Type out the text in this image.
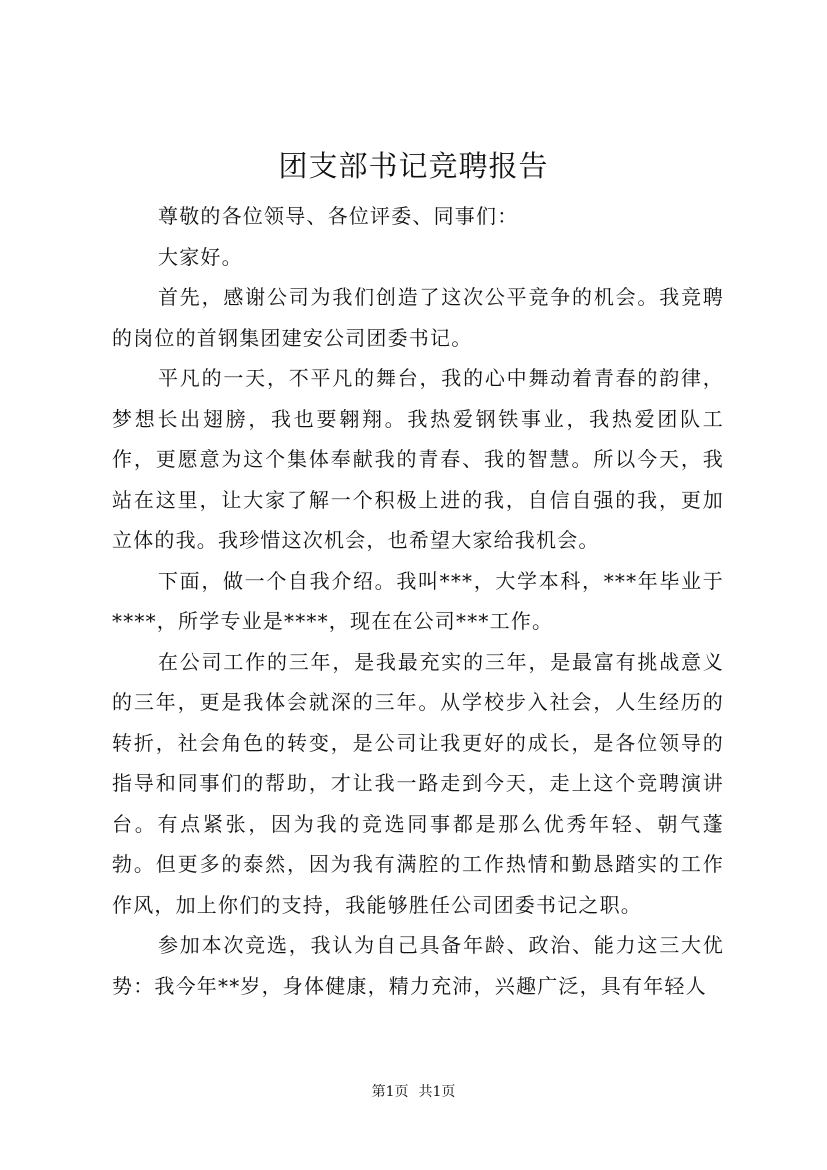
团支部书记竞聘报告

尊敬的各位领导、各位评委、同事们：

大家好。

首先，感谢公司为我们创造了这次公平竞争的机会。我竞聘的岗位的首钢集团建安公司团委书记。

平凡的一天，不平凡的舞台，我的心中舞动着青春的韵律，梦想长出翅膀，我也要翱翔。我热爱钢铁事业，我热爱团队工作，更愿意为这个集体奉献我的青春、我的智慧。所以今天，我站在这里，让大家了解一个积极上进的我，自信自强的我，更加立体的我。我珍惜这次机会，也希望大家给我机会。

下面，做一个自我介绍。我叫***，大学本科，***年毕业于****，所学专业是****，现在在公司***工作。

在公司工作的三年，是我最充实的三年，是最富有挑战意义的三年，更是我体会就深的三年。从学校步入社会，人生经历的转折，社会角色的转变，是公司让我更好的成长，是各位领导的指导和同事们的帮助，才让我一路走到今天，走上这个竞聘演讲台。有点紧张，因为我的竞选同事都是那么优秀年轻、朝气蓬勃。但更多的泰然，因为我有满腔的工作热情和勤恳踏实的工作作风，加上你们的支持，我能够胜任公司团委书记之职。

参加本次竞选，我认为自己具备年龄、政治、能力这三大优势：我今年**岁，身体健康，精力充沛，兴趣广泛，具有年轻人

第1页 共1页
